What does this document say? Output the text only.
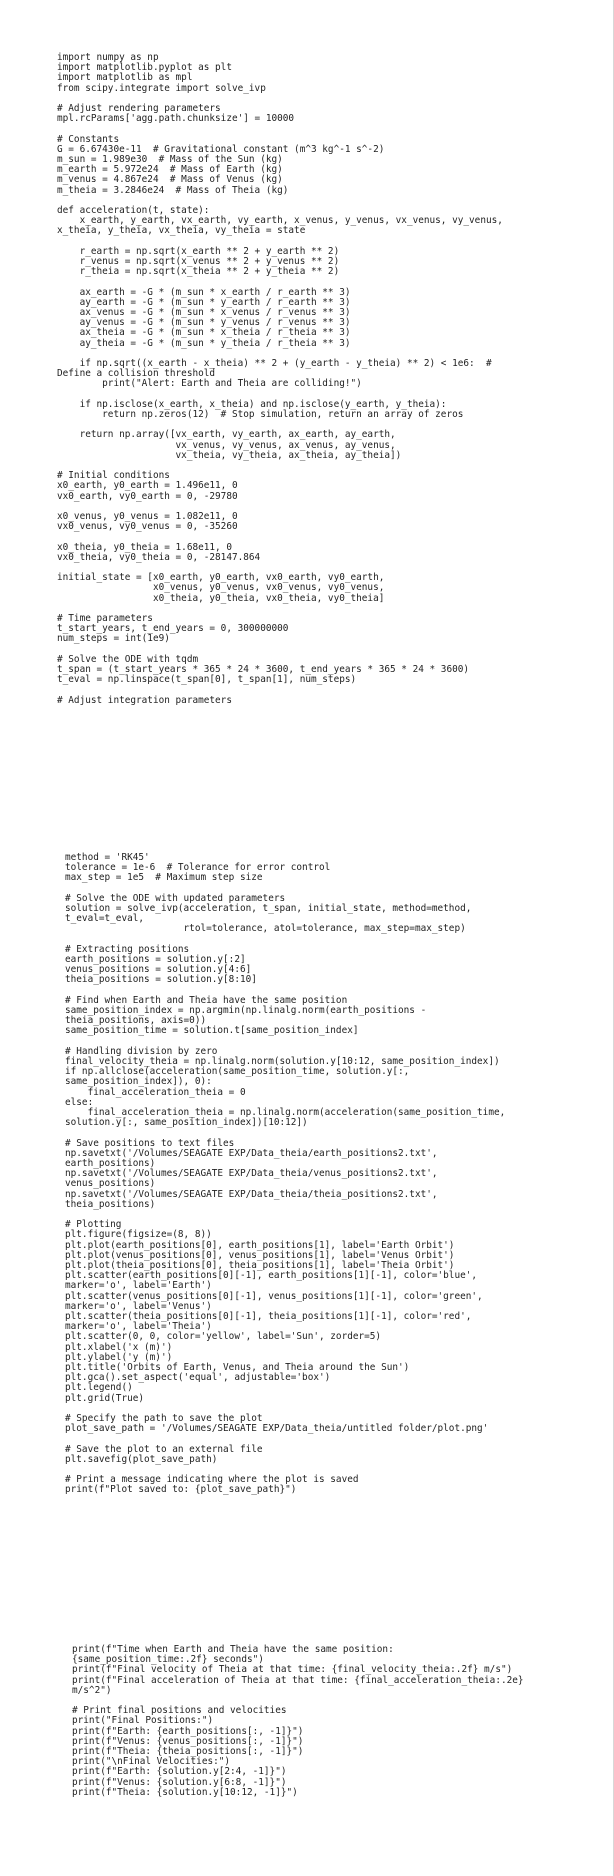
import numpy as np
import matplotlib.pyplot as plt
import matplotlib as mpl
from scipy.integrate import solve_ivp
# Adjust rendering parameters
mpl.rcParams['agg.path.chunksize'] = 10000
# Constants
G = 6.67430e-11  # Gravitational constant (m^3 kg^-1 s^-2)
m_sun = 1.989e30  # Mass of the Sun (kg)
m_earth = 5.972e24  # Mass of Earth (kg)
m_venus = 4.867e24  # Mass of Venus (kg)
m_theia = 3.2846e24  # Mass of Theia (kg)
def acceleration(t, state):
x_earth, y_earth, vx_earth, vy_earth, x_venus, y_venus, vx_venus, vy_venus,
x_theia, y_theia, vx_theia, vy_theia = state
r_earth = np.sqrt(x_earth ** 2 + y_earth ** 2)
r_venus = np.sqrt(x_venus ** 2 + y_venus ** 2)
r_theia = np.sqrt(x_theia ** 2 + y_theia ** 2)
ax_earth = -G * (m_sun * x_earth / r_earth ** 3)
ay_earth = -G * (m_sun * y_earth / r_earth ** 3)
ax_venus = -G * (m_sun * x_venus / r_venus ** 3)
ay_venus = -G * (m_sun * y_venus / r_venus ** 3)
ax_theia = -G * (m_sun * x_theia / r_theia ** 3)
ay_theia = -G * (m_sun * y_theia / r_theia ** 3)
if np.sqrt((x_earth - x_theia) ** 2 + (y_earth - y_theia) ** 2) < 1e6:  #
Define a collision threshold
print("Alert: Earth and Theia are colliding!")
if np.isclose(x_earth, x_theia) and np.isclose(y_earth, y_theia):
return np.zeros(12)  # Stop simulation, return an array of zeros
return np.array([vx_earth, vy_earth, ax_earth, ay_earth,
vx_venus, vy_venus, ax_venus, ay_venus,
vx_theia, vy_theia, ax_theia, ay_theia])
# Initial conditions
x0_earth, y0_earth = 1.496e11, 0
vx0_earth, vy0_earth = 0, -29780
x0_venus, y0_venus = 1.082e11, 0
vx0_venus, vy0_venus = 0, -35260
x0_theia, y0_theia = 1.68e11, 0
vx0_theia, vy0_theia = 0, -28147.864
initial_state = [x0_earth, y0_earth, vx0_earth, vy0_earth,
x0_venus, y0_venus, vx0_venus, vy0_venus,
x0_theia, y0_theia, vx0_theia, vy0_theia]
# Time parameters
t_start_years, t_end_years = 0, 300000000
num_steps = int(1e9)
# Solve the ODE with tqdm
t_span = (t_start_years * 365 * 24 * 3600, t_end_years * 365 * 24 * 3600)
t_eval = np.linspace(t_span[0], t_span[1], num_steps)
# Adjust integration parameters
method = 'RK45'
tolerance = 1e-6  # Tolerance for error control
max_step = 1e5  # Maximum step size
# Solve the ODE with updated parameters
solution = solve_ivp(acceleration, t_span, initial_state, method=method,
t_eval=t_eval,
rtol=tolerance, atol=tolerance, max_step=max_step)
# Extracting positions
earth_positions = solution.y[:2]
venus_positions = solution.y[4:6]
theia_positions = solution.y[8:10]
# Find when Earth and Theia have the same position
same_position_index = np.argmin(np.linalg.norm(earth_positions -
theia_positions, axis=0))
same_position_time = solution.t[same_position_index]
# Handling division by zero
final_velocity_theia = np.linalg.norm(solution.y[10:12, same_position_index])
if np.allclose(acceleration(same_position_time, solution.y[:,
same_position_index]), 0):
final_acceleration_theia = 0
else:
final_acceleration_theia = np.linalg.norm(acceleration(same_position_time,
solution.y[:, same_position_index])[10:12])
# Save positions to text files
np.savetxt('/Volumes/SEAGATE EXP/Data_theia/earth_positions2.txt',
earth_positions)
np.savetxt('/Volumes/SEAGATE EXP/Data_theia/venus_positions2.txt',
venus_positions)
np.savetxt('/Volumes/SEAGATE EXP/Data_theia/theia_positions2.txt',
theia_positions)
# Plotting
plt.figure(figsize=(8, 8))
plt.plot(earth_positions[0], earth_positions[1], label='Earth Orbit')
plt.plot(venus_positions[0], venus_positions[1], label='Venus Orbit')
plt.plot(theia_positions[0], theia_positions[1], label='Theia Orbit')
plt.scatter(earth_positions[0][-1], earth_positions[1][-1], color='blue',
marker='o', label='Earth')
plt.scatter(venus_positions[0][-1], venus_positions[1][-1], color='green',
marker='o', label='Venus')
plt.scatter(theia_positions[0][-1], theia_positions[1][-1], color='red',
marker='o', label='Theia')
plt.scatter(0, 0, color='yellow', label='Sun', zorder=5)
plt.xlabel('x (m)')
plt.ylabel('y (m)')
plt.title('Orbits of Earth, Venus, and Theia around the Sun')
plt.gca().set_aspect('equal', adjustable='box')
plt.legend()
plt.grid(True)
# Specify the path to save the plot
plot_save_path = '/Volumes/SEAGATE EXP/Data_theia/untitled folder/plot.png'
# Save the plot to an external file
plt.savefig(plot_save_path)
# Print a message indicating where the plot is saved
print(f"Plot saved to: {plot_save_path}")
print(f"Time when Earth and Theia have the same position:
{same_position_time:.2f} seconds")
print(f"Final velocity of Theia at that time: {final_velocity_theia:.2f} m/s")
print(f"Final acceleration of Theia at that time: {final_acceleration_theia:.2e}
m/s^2")
# Print final positions and velocities
print("Final Positions:")
print(f"Earth: {earth_positions[:, -1]}")
print(f"Venus: {venus_positions[:, -1]}")
print(f"Theia: {theia_positions[:, -1]}")
print("\nFinal Velocities:")
print(f"Earth: {solution.y[2:4, -1]}")
print(f"Venus: {solution.y[6:8, -1]}")
print(f"Theia: {solution.y[10:12, -1]}")
